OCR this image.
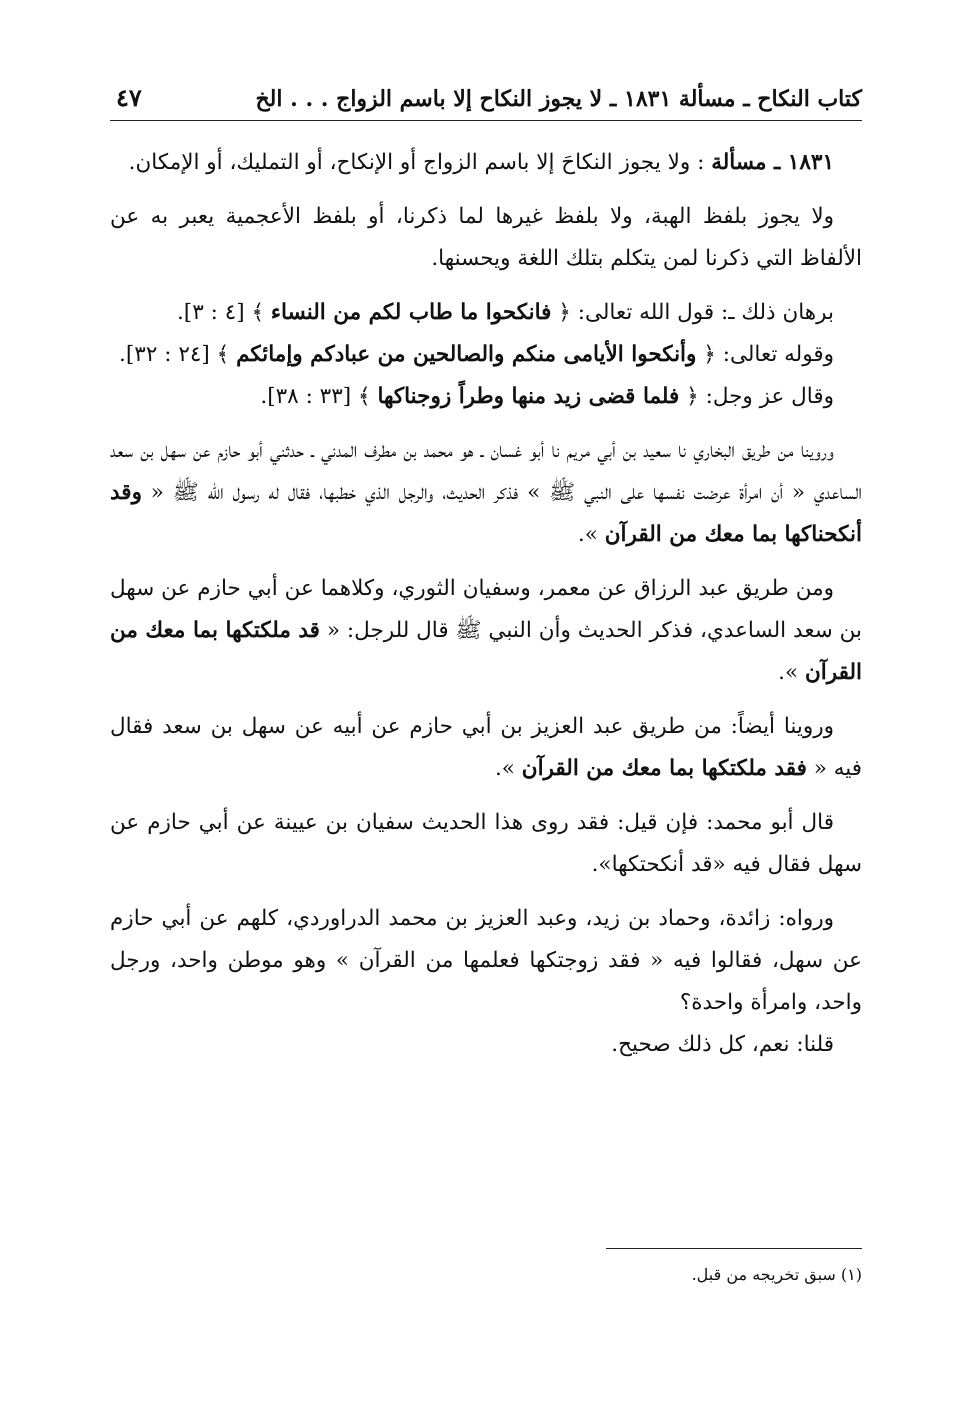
كتاب النكاح ـ مسألة ١٨٣١ ـ لا يجوز النكاح إلا باسم الزواج . . . الخ
٤٧

١٨٣١ ـ مسألة : ولا يجوز النكاحَ إلا باسم الزواج أو الإنكاح، أو التمليك، أو الإمكان.

ولا يجوز بلفظ الهبة، ولا بلفظ غيرها لما ذكرنا، أو بلفظ الأعجمية يعبر به عن الألفاظ التي ذكرنا لمن يتكلم بتلك اللغة ويحسنها.

برهان ذلك ـ: قول الله تعالى: ﴿ فانكحوا ما طاب لكم من النساء ﴾ [٤ : ٣].

وقوله تعالى: ﴿ وأنكحوا الأيامى منكم والصالحين من عبادكم وإمائكم ﴾ [٢٤ : ٣٢].

وقال عز وجل: ﴿ فلما قضى زيد منها وطراً زوجناكها ﴾ [٣٣ : ٣٨].

وروينا من طريق البخاري نا سعيد بن أبي مريم نا أبو غسان ـ هو محمد بن مطرف المدني ـ حدثني أبو حازم عن سهل بن سعد الساعدي « أن امرأة عرضت نفسها على النبي ﷺ » فذكر الحديث، والرجل الذي خطبها، فقال له رسول الله ﷺ « وقد أنكحناكها بما معك من القرآن ».

ومن طريق عبد الرزاق عن معمر، وسفيان الثوري، وكلاهما عن أبي حازم عن سهل بن سعد الساعدي، فذكر الحديث وأن النبي ﷺ قال للرجل: « قد ملكتكها بما معك من القرآن ».

وروينا أيضاً: من طريق عبد العزيز بن أبي حازم عن أبيه عن سهل بن سعد فقال فيه « فقد ملكتكها بما معك من القرآن ».

قال أبو محمد: فإن قيل: فقد روى هذا الحديث سفيان بن عيينة عن أبي حازم عن سهل فقال فيه «قد أنكحتكها».

ورواه: زائدة، وحماد بن زيد، وعبد العزيز بن محمد الدراوردي، كلهم عن أبي حازم عن سهل، فقالوا فيه « فقد زوجتكها فعلمها من القرآن » وهو موطن واحد، ورجل واحد، وامرأة واحدة؟

قلنا: نعم، كل ذلك صحيح.

(١) سبق تخريجه من قبل.
